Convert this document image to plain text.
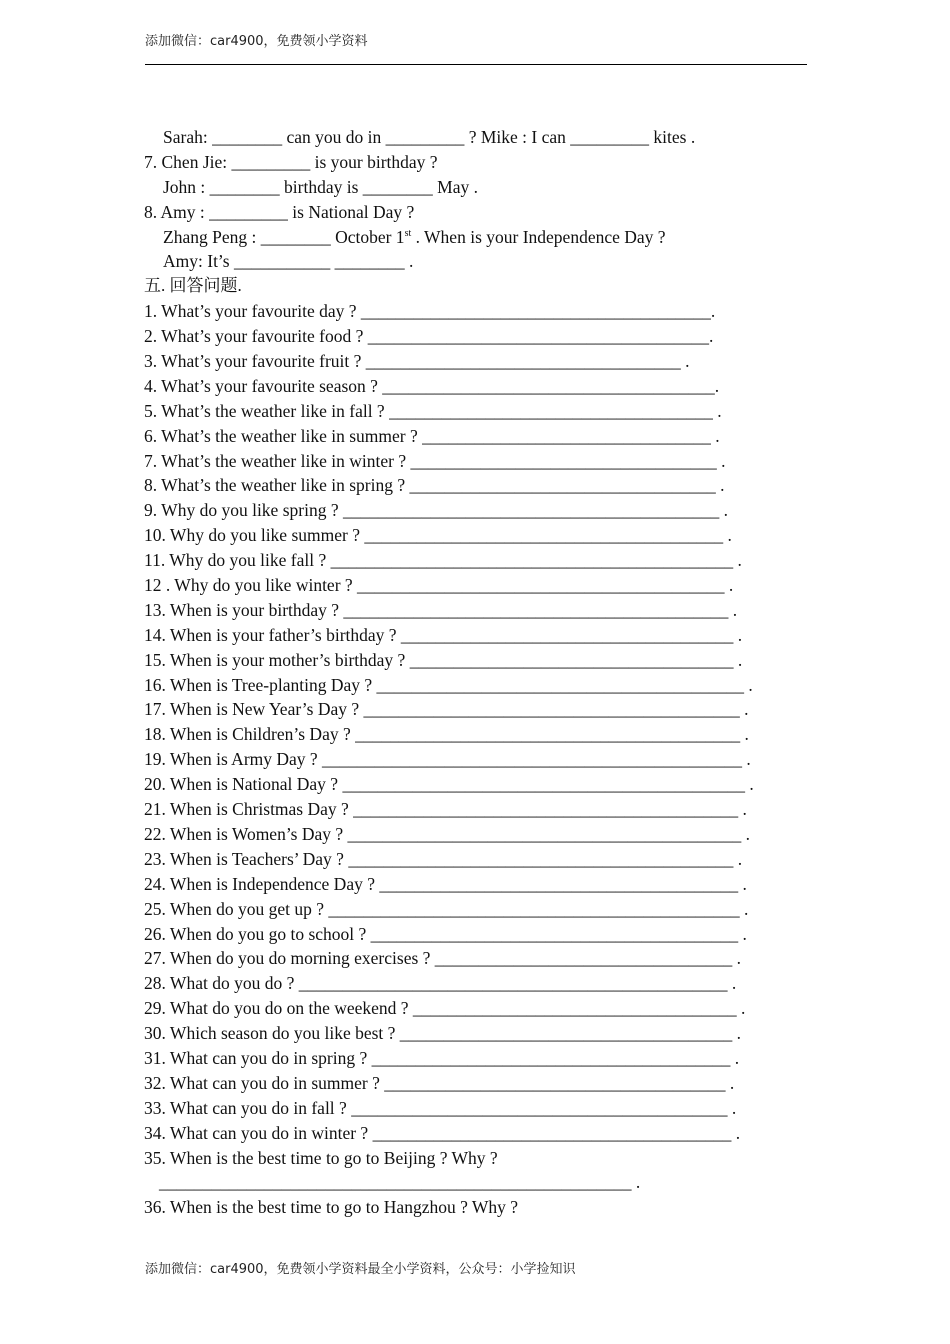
添加微信：car4900，免费领小学资料
Sarah: ________ can you do in _________ ? Mike : I can _________ kites .
7. Chen Jie: _________ is your birthday ?
John : ________ birthday is ________ May .
8. Amy : _________ is National Day ?
Zhang Peng : ________ October 1st . When is your Independence Day ?
Amy: It’s ___________ ________ .
五. 回答问题.
1. What’s your favourite day ? ________________________________________.
2. What’s your favourite food ? _______________________________________.
3. What’s your favourite fruit ? ____________________________________ .
4. What’s your favourite season ? ______________________________________.
5. What’s the weather like in fall ? _____________________________________ .
6. What’s the weather like in summer ? _________________________________ .
7. What’s the weather like in winter ? ___________________________________ .
8. What’s the weather like in spring ? ___________________________________ .
9. Why do you like spring ? ___________________________________________ .
10. Why do you like summer ? _________________________________________ .
11. Why do you like fall ? ______________________________________________ .
12 . Why do you like winter ? __________________________________________ .
13. When is your birthday ? ____________________________________________ .
14. When is your father’s birthday ? ______________________________________ .
15. When is your mother’s birthday ? _____________________________________ .
16. When is Tree-planting Day ? __________________________________________ .
17. When is New Year’s Day ? ___________________________________________ .
18. When is Children’s Day ? ____________________________________________ .
19. When is Army Day ? ________________________________________________ .
20. When is National Day ? ______________________________________________ .
21. When is Christmas Day ? ____________________________________________ .
22. When is Women’s Day ? _____________________________________________ .
23. When is Teachers’ Day ? ____________________________________________ .
24. When is Independence Day ? _________________________________________ .
25. When do you get up ? _______________________________________________ .
26. When do you go to school ? __________________________________________ .
27. When do you do morning exercises ? __________________________________ .
28. What do you do ? _________________________________________________ .
29. What do you do on the weekend ? _____________________________________ .
30. Which season do you like best ? ______________________________________ .
31. What can you do in spring ? _________________________________________ .
32. What can you do in summer ? _______________________________________ .
33. What can you do in fall ? ___________________________________________ .
34. What can you do in winter ? _________________________________________ .
35. When is the best time to go to Beijing ? Why ?
______________________________________________________ .
36. When is the best time to go to Hangzhou ? Why ?
添加微信：car4900，免费领小学资料最全小学资料，公众号：小学捡知识
